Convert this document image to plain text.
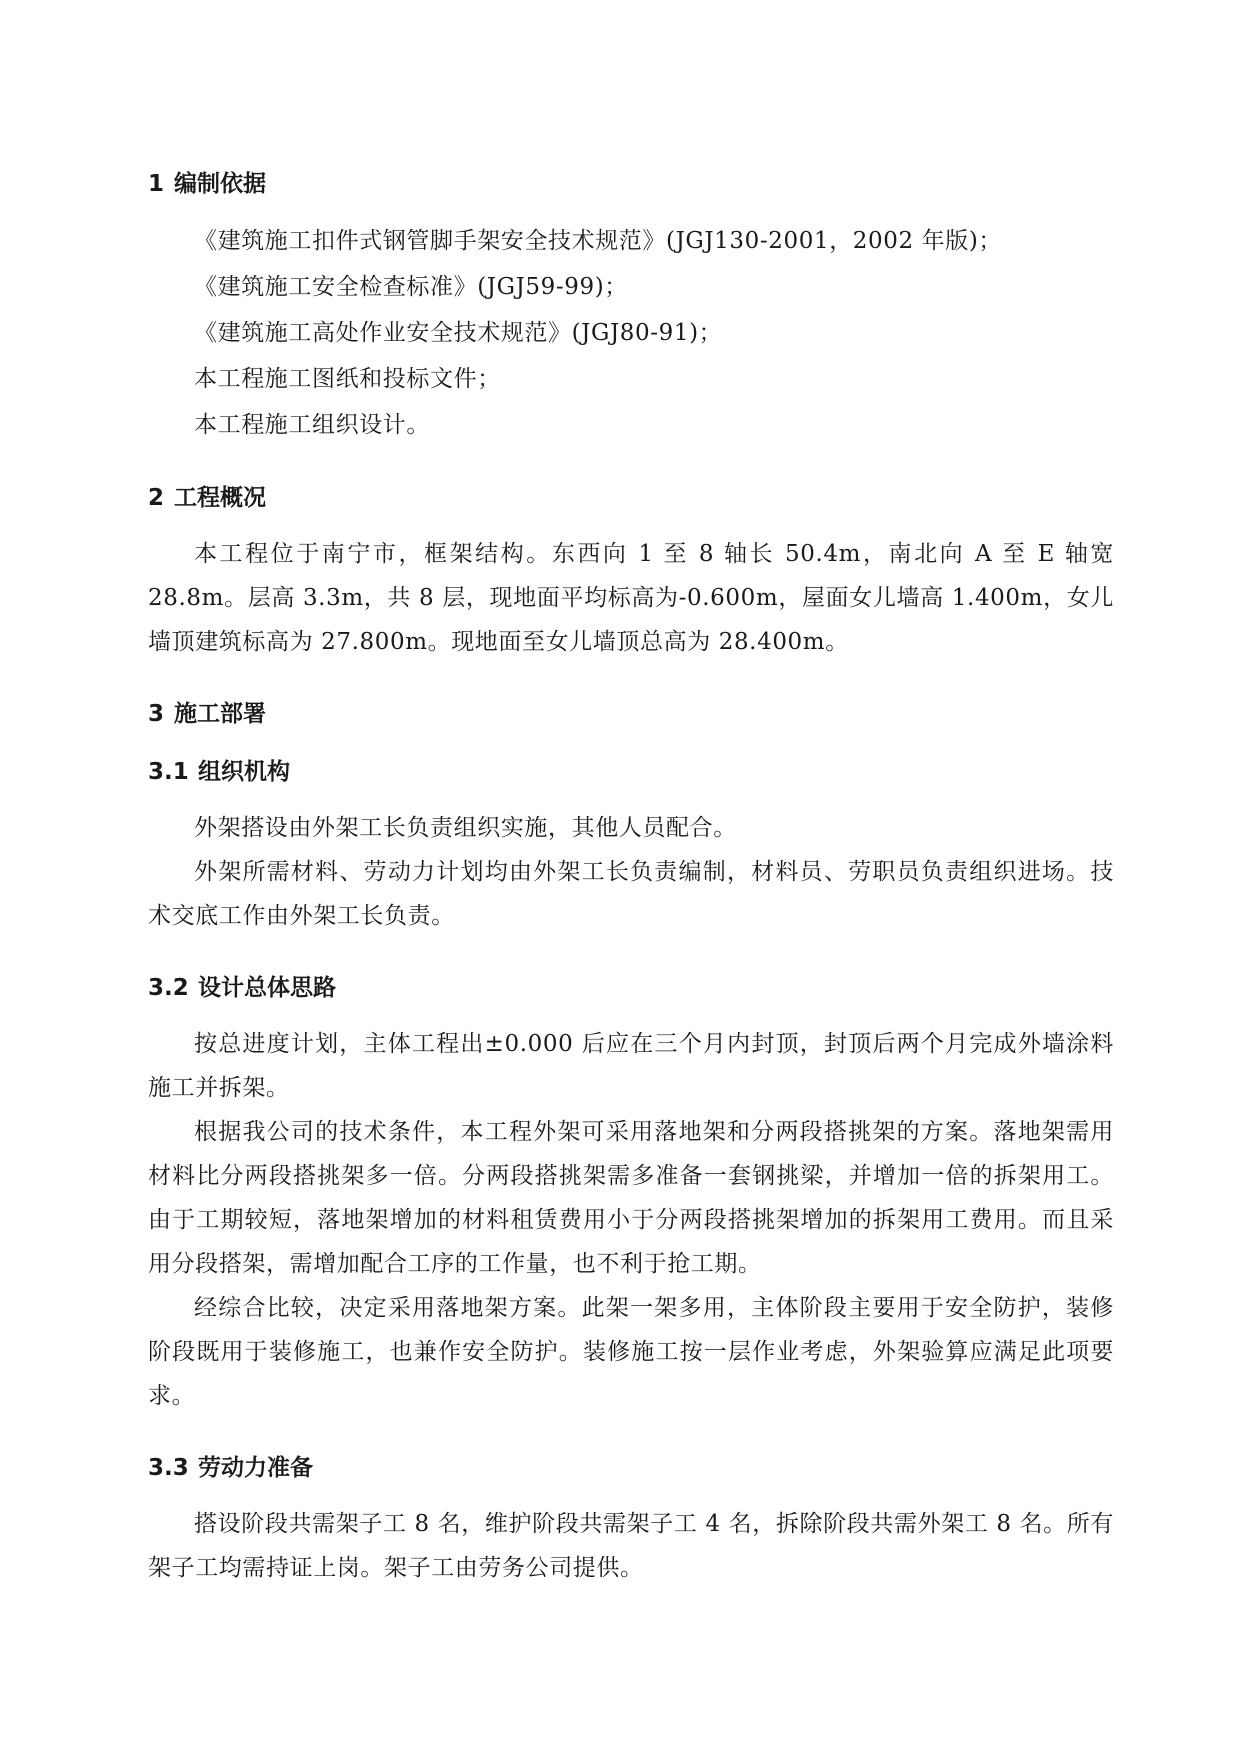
1 编制依据

《建筑施工扣件式钢管脚手架安全技术规范》(JGJ130-2001，2002 年版)；

《建筑施工安全检查标准》(JGJ59-99)；

《建筑施工高处作业安全技术规范》(JGJ80-91)；

本工程施工图纸和投标文件；

本工程施工组织设计。

2 工程概况

本工程位于南宁市，框架结构。东西向 1 至 8 轴长 50.4m，南北向 A 至 E 轴宽 28.8m。层高 3.3m，共 8 层，现地面平均标高为-0.600m，屋面女儿墙高 1.400m，女儿墙顶建筑标高为 27.800m。现地面至女儿墙顶总高为 28.400m。

3 施工部署
3.1 组织机构

外架搭设由外架工长负责组织实施，其他人员配合。

外架所需材料、劳动力计划均由外架工长负责编制，材料员、劳职员负责组织进场。技术交底工作由外架工长负责。

3.2 设计总体思路

按总进度计划，主体工程出±0.000 后应在三个月内封顶，封顶后两个月完成外墙涂料施工并拆架。

根据我公司的技术条件，本工程外架可采用落地架和分两段搭挑架的方案。落地架需用材料比分两段搭挑架多一倍。分两段搭挑架需多准备一套钢挑梁，并增加一倍的拆架用工。由于工期较短，落地架增加的材料租赁费用小于分两段搭挑架增加的拆架用工费用。而且采用分段搭架，需增加配合工序的工作量，也不利于抢工期。

经综合比较，决定采用落地架方案。此架一架多用，主体阶段主要用于安全防护，装修阶段既用于装修施工，也兼作安全防护。装修施工按一层作业考虑，外架验算应满足此项要求。

3.3 劳动力准备

搭设阶段共需架子工 8 名，维护阶段共需架子工 4 名，拆除阶段共需外架工 8 名。所有架子工均需持证上岗。架子工由劳务公司提供。
